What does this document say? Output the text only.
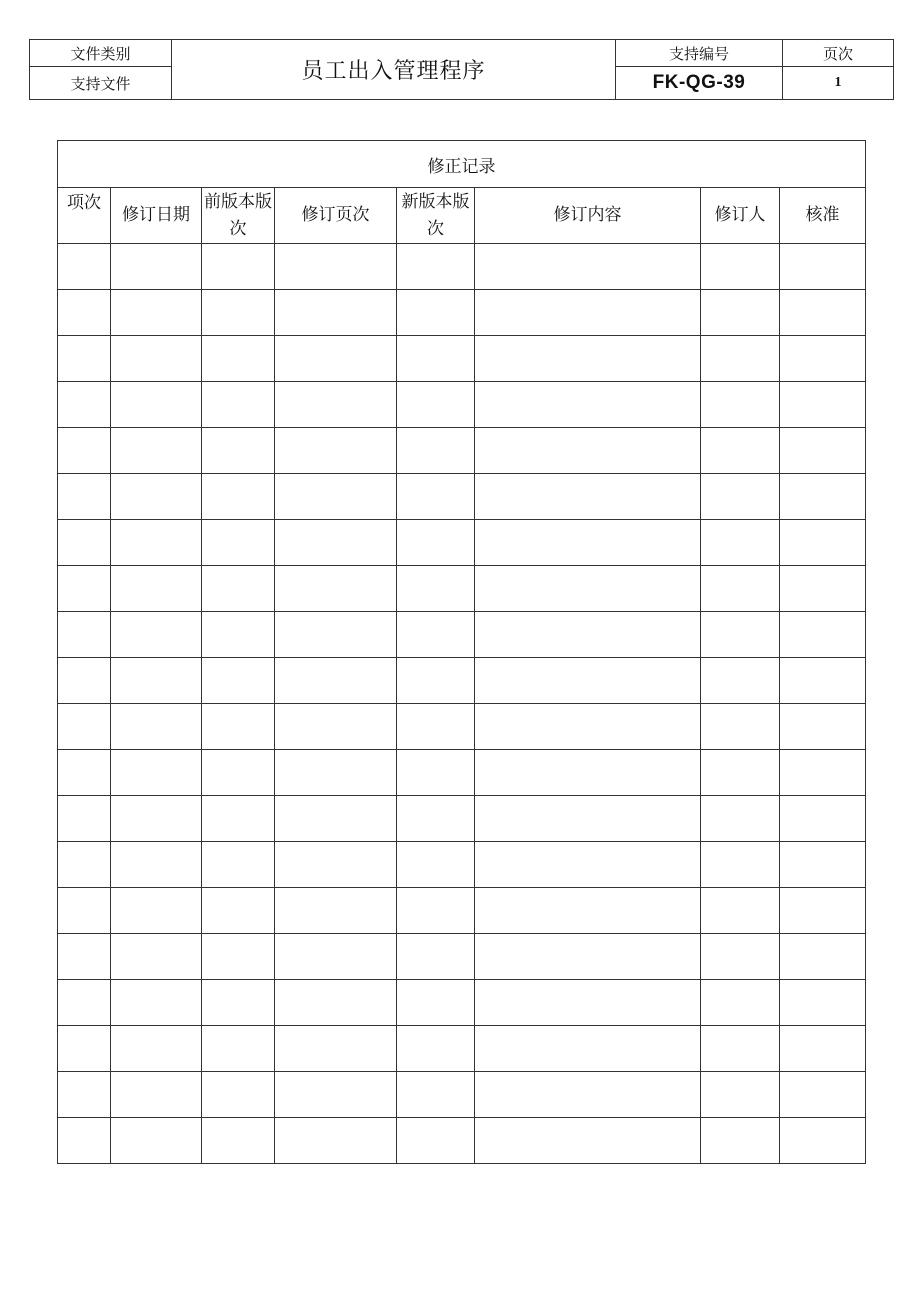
文件类别	员工出入管理程序	支持编号	页次
支持文件		FK-QG-39	1
修正记录							
项次	修订日期	前版本版次	修订页次	新版本版次	修订内容	修订人	核准
